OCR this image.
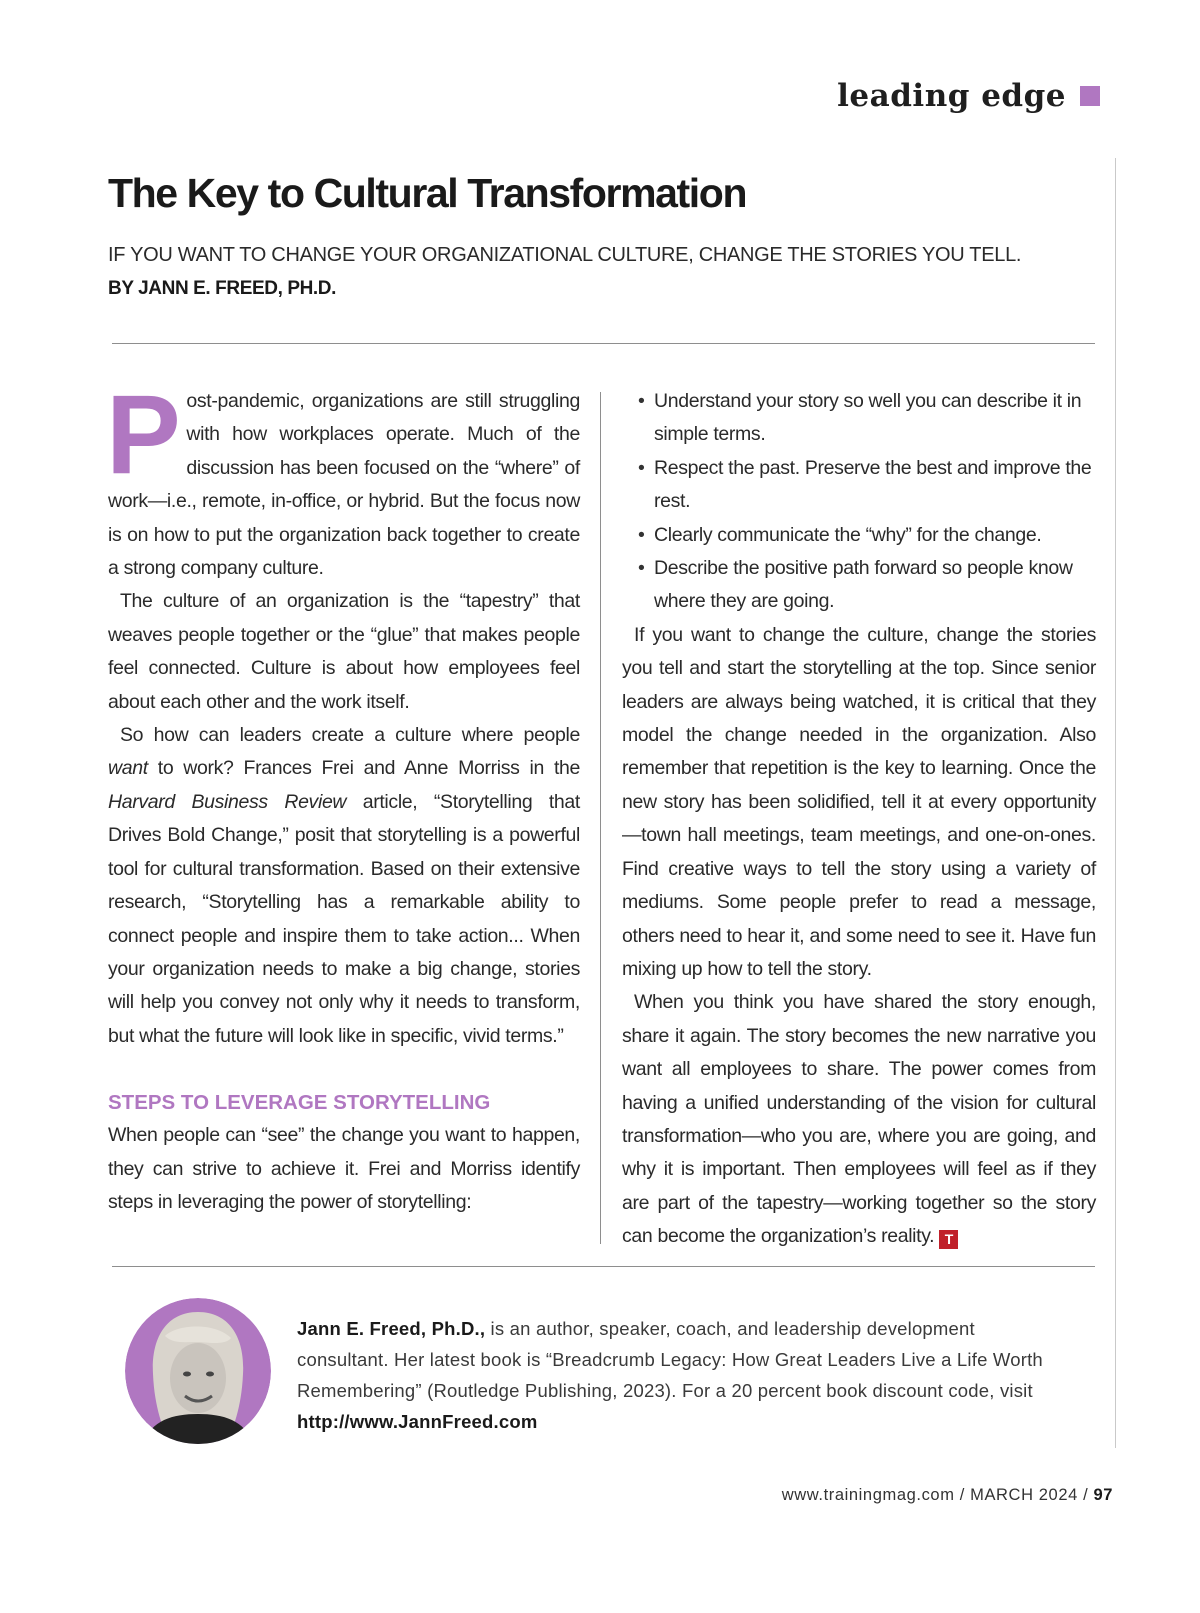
leading edge
The Key to Cultural Transformation
IF YOU WANT TO CHANGE YOUR ORGANIZATIONAL CULTURE, CHANGE THE STORIES YOU TELL.
BY JANN E. FREED, PH.D.

Post-pandemic, organizations are still struggling with how workplaces operate. Much of the discussion has been focused on the “where” of work—i.e., remote, in-office, or hybrid. But the focus now is on how to put the organization back together to create a strong company culture.

The culture of an organization is the “tapestry” that weaves people together or the “glue” that makes people feel connected. Culture is about how employees feel about each other and the work itself.

So how can leaders create a culture where people want to work? Frances Frei and Anne Morriss in the Harvard Business Review article, “Storytelling that Drives Bold Change,” posit that storytelling is a powerful tool for cultural transformation. Based on their extensive research, “Storytelling has a remarkable ability to connect people and inspire them to take action... When your organization needs to make a big change, stories will help you convey not only why it needs to transform, but what the future will look like in specific, vivid terms.”

STEPS TO LEVERAGE STORYTELLING

When people can “see” the change you want to happen, they can strive to achieve it. Frei and Morriss identify steps in leveraging the power of storytelling:

• Understand your story so well you can describe it in simple terms.
• Respect the past. Preserve the best and improve the rest.
• Clearly communicate the “why” for the change.
• Describe the positive path forward so people know where they are going.

If you want to change the culture, change the stories you tell and start the storytelling at the top. Since senior leaders are always being watched, it is critical that they model the change needed in the organization. Also remember that repetition is the key to learning. Once the new story has been solidified, tell it at every opportunity—town hall meetings, team meetings, and one-on-ones. Find creative ways to tell the story using a variety of mediums. Some people prefer to read a message, others need to hear it, and some need to see it. Have fun mixing up how to tell the story.

When you think you have shared the story enough, share it again. The story becomes the new narrative you want all employees to share. The power comes from having a unified understanding of the vision for cultural transformation—who you are, where you are going, and why it is important. Then employees will feel as if they are part of the tapestry—working together so the story can become the organization’s reality. T

Jann E. Freed, Ph.D., is an author, speaker, coach, and leadership development consultant. Her latest book is “Breadcrumb Legacy: How Great Leaders Live a Life Worth Remembering” (Routledge Publishing, 2023). For a 20 percent book discount code, visit http://www.JannFreed.com
www.trainingmag.com / MARCH 2024 / 97
